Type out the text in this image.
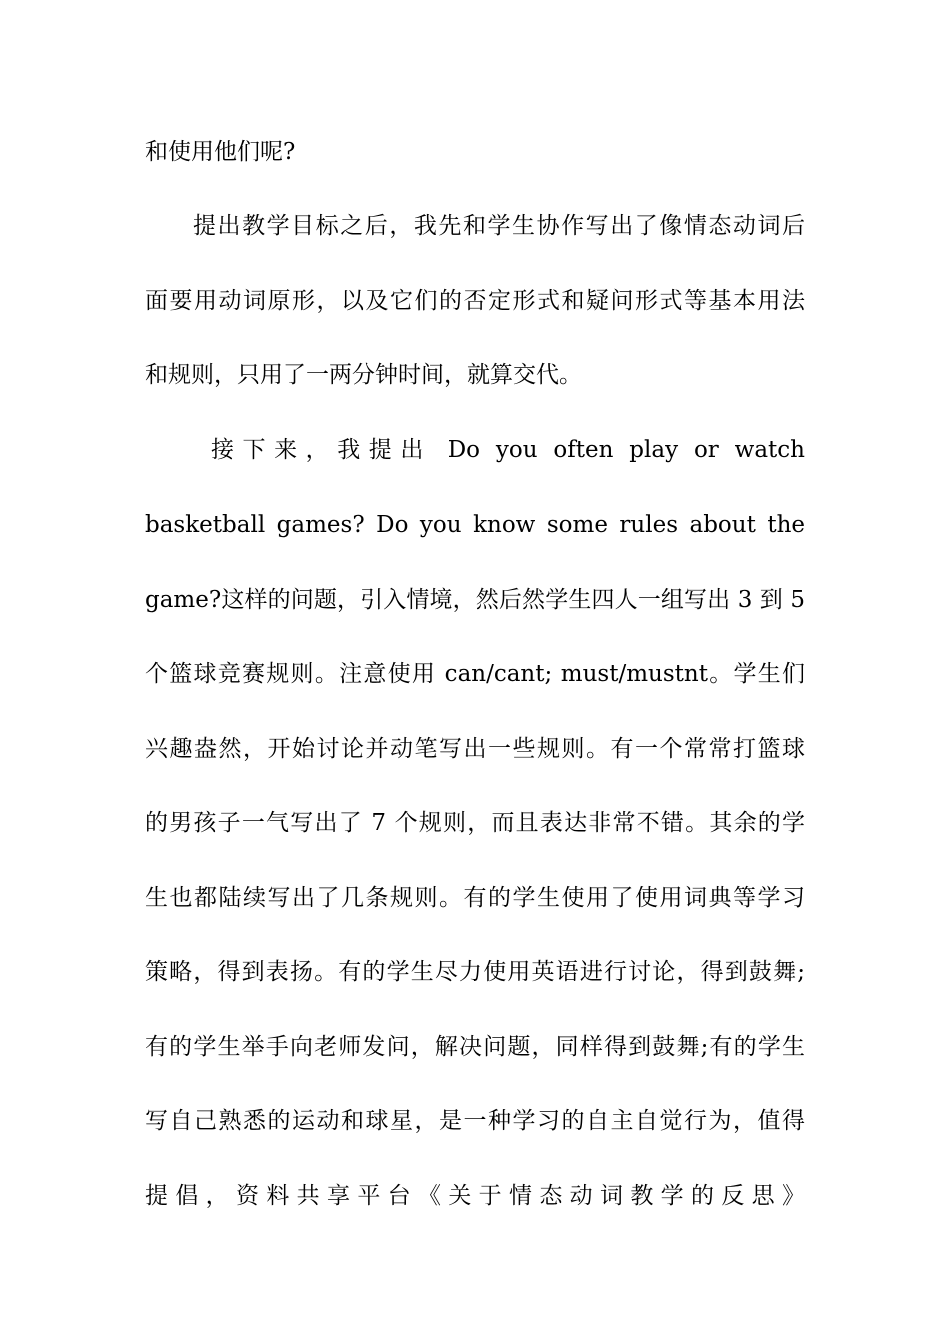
和使用他们呢?
提出教学目标之后，我先和学生协作写出了像情态动词后
面要用动词原形，以及它们的否定形式和疑问形式等基本用法
和规则，只用了一两分钟时间，就算交代。
接下来，我提出 Do you often play or watch
basketball games? Do you know some rules about the
game?这样的问题，引入情境，然后然学生四人一组写出 3 到 5
个篮球竞赛规则。注意使用 can/cant; must/mustnt。学生们
兴趣盎然，开始讨论并动笔写出一些规则。有一个常常打篮球
的男孩子一气写出了 7 个规则，而且表达非常不错。其余的学
生也都陆续写出了几条规则。有的学生使用了使用词典等学习
策略，得到表扬。有的学生尽力使用英语进行讨论，得到鼓舞;
有的学生举手向老师发问，解决问题，同样得到鼓舞;有的学生
写自己熟悉的运动和球星，是一种学习的自主自觉行为，值得
提倡，资料共享平台《关于情态动词教学的反思》
